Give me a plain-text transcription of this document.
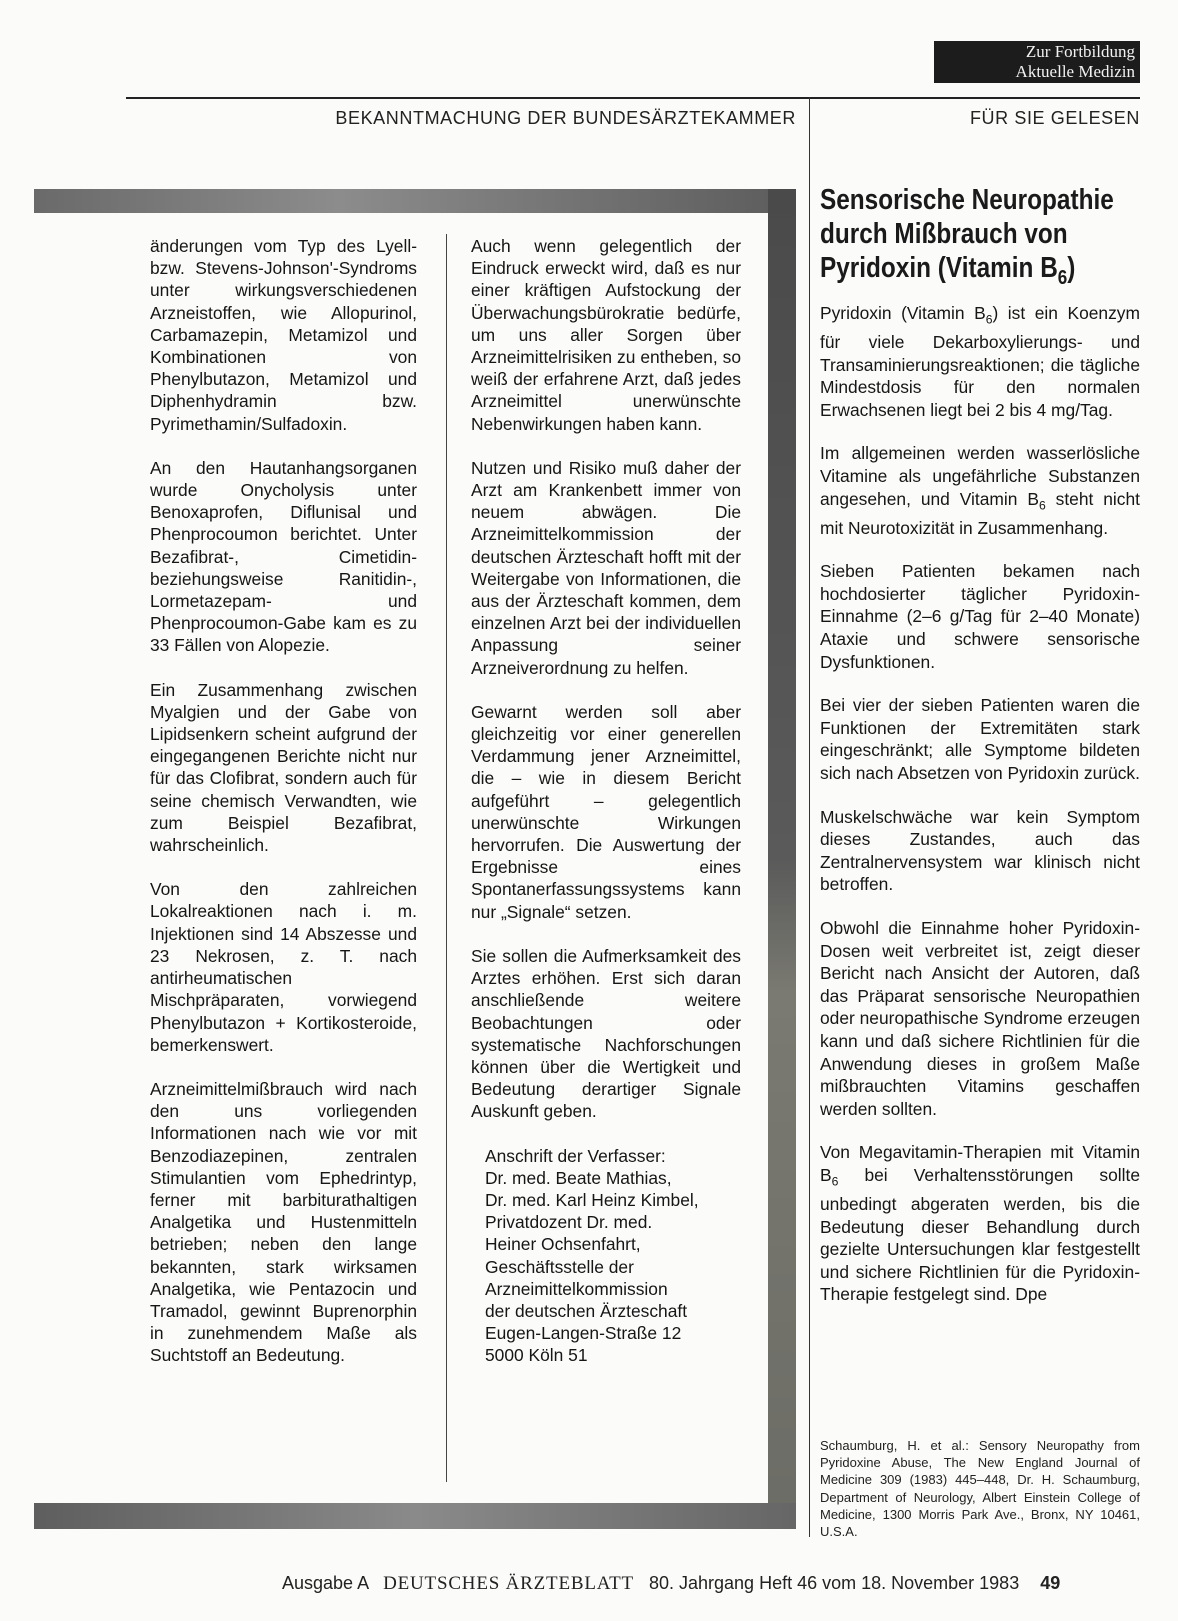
Zur Fortbildung
Aktuelle Medizin
BEKANNTMACHUNG DER BUNDESÄRZTEKAMMER	FÜR SIE GELESEN

änderungen vom Typ des Lyell- bzw. Stevens-Johnson'-Syndroms unter wirkungsverschiedenen Arzneistoffen, wie Allopurinol, Carbamazepin, Metamizol und Kombinationen von Phenylbutazon, Metamizol und Diphenhydramin bzw. Pyrimethamin/Sulfadoxin.

An den Hautanhangsorganen wurde Onycholysis unter Benoxaprofen, Diflunisal und Phenprocoumon berichtet. Unter Bezafibrat-, Cimetidin- beziehungsweise Ranitidin-, Lormetazepam- und Phenprocoumon-Gabe kam es zu 33 Fällen von Alopezie.

Ein Zusammenhang zwischen Myalgien und der Gabe von Lipidsenkern scheint aufgrund der eingegangenen Berichte nicht nur für das Clofibrat, sondern auch für seine chemisch Verwandten, wie zum Beispiel Bezafibrat, wahrscheinlich.

Von den zahlreichen Lokalreaktionen nach i. m. Injektionen sind 14 Abszesse und 23 Nekrosen, z. T. nach antirheumatischen Mischpräparaten, vorwiegend Phenylbutazon + Kortikosteroide, bemerkenswert.

Arzneimittelmißbrauch wird nach den uns vorliegenden Informationen nach wie vor mit Benzodiazepinen, zentralen Stimulantien vom Ephedrintyp, ferner mit barbiturathaltigen Analgetika und Hustenmitteln betrieben; neben den lange bekannten, stark wirksamen Analgetika, wie Pentazocin und Tramadol, gewinnt Buprenorphin in zunehmendem Maße als Suchtstoff an Bedeutung.

Auch wenn gelegentlich der Eindruck erweckt wird, daß es nur einer kräftigen Aufstockung der Überwachungsbürokratie bedürfe, um uns aller Sorgen über Arzneimittelrisiken zu entheben, so weiß der erfahrene Arzt, daß jedes Arzneimittel unerwünschte Nebenwirkungen haben kann.

Nutzen und Risiko muß daher der Arzt am Krankenbett immer von neuem abwägen. Die Arzneimittelkommission der deutschen Ärzteschaft hofft mit der Weitergabe von Informationen, die aus der Ärzteschaft kommen, dem einzelnen Arzt bei der individuellen Anpassung seiner Arzneiverordnung zu helfen.

Gewarnt werden soll aber gleichzeitig vor einer generellen Verdammung jener Arzneimittel, die – wie in diesem Bericht aufgeführt – gelegentlich unerwünschte Wirkungen hervorrufen. Die Auswertung der Ergebnisse eines Spontanerfassungssystems kann nur „Signale“ setzen.

Sie sollen die Aufmerksamkeit des Arztes erhöhen. Erst sich daran anschließende weitere Beobachtungen oder systematische Nachforschungen können über die Wertigkeit und Bedeutung derartiger Signale Auskunft geben.

Anschrift der Verfasser:
Dr. med. Beate Mathias,
Dr. med. Karl Heinz Kimbel,
Privatdozent Dr. med.
Heiner Ochsenfahrt,
Geschäftsstelle der
Arzneimittelkommission
der deutschen Ärzteschaft
Eugen-Langen-Straße 12
5000 Köln 51
Sensorische Neuropathie
durch Mißbrauch von
Pyridoxin (Vitamin $B_6$)

Pyridoxin (Vitamin $B_6$) ist ein Koenzym für viele Dekarboxylierungs- und Transaminierungsreaktionen; die tägliche Mindestdosis für den normalen Erwachsenen liegt bei 2 bis 4 mg/Tag.

Im allgemeinen werden wasserlösliche Vitamine als ungefährliche Substanzen angesehen, und Vitamin $B_6$ steht nicht mit Neurotoxizität in Zusammenhang.

Sieben Patienten bekamen nach hochdosierter täglicher Pyridoxin-Einnahme (2–6 g/Tag für 2–40 Monate) Ataxie und schwere sensorische Dysfunktionen.

Bei vier der sieben Patienten waren die Funktionen der Extremitäten stark eingeschränkt; alle Symptome bildeten sich nach Absetzen von Pyridoxin zurück.

Muskelschwäche war kein Symptom dieses Zustandes, auch das Zentralnervensystem war klinisch nicht betroffen.

Obwohl die Einnahme hoher Pyridoxin-Dosen weit verbreitet ist, zeigt dieser Bericht nach Ansicht der Autoren, daß das Präparat sensorische Neuropathien oder neuropathische Syndrome erzeugen kann und daß sichere Richtlinien für die Anwendung dieses in großem Maße mißbrauchten Vitamins geschaffen werden sollten.

Von Megavitamin-Therapien mit Vitamin $B_6$ bei Verhaltensstörungen sollte unbedingt abgeraten werden, bis die Bedeutung dieser Behandlung durch gezielte Untersuchungen klar festgestellt und sichere Richtlinien für die Pyridoxin-Therapie festgelegt sind. Dpe

Schaumburg, H. et al.: Sensory Neuropathy from Pyridoxine Abuse, The New England Journal of Medicine 309 (1983) 445–448, Dr. H. Schaumburg, Department of Neurology, Albert Einstein College of Medicine, 1300 Morris Park Ave., Bronx, NY 10461, U.S.A.
Ausgabe A DEUTSCHES ÄRZTEBLATT 80. Jahrgang Heft 46 vom 18. November 1983 49
